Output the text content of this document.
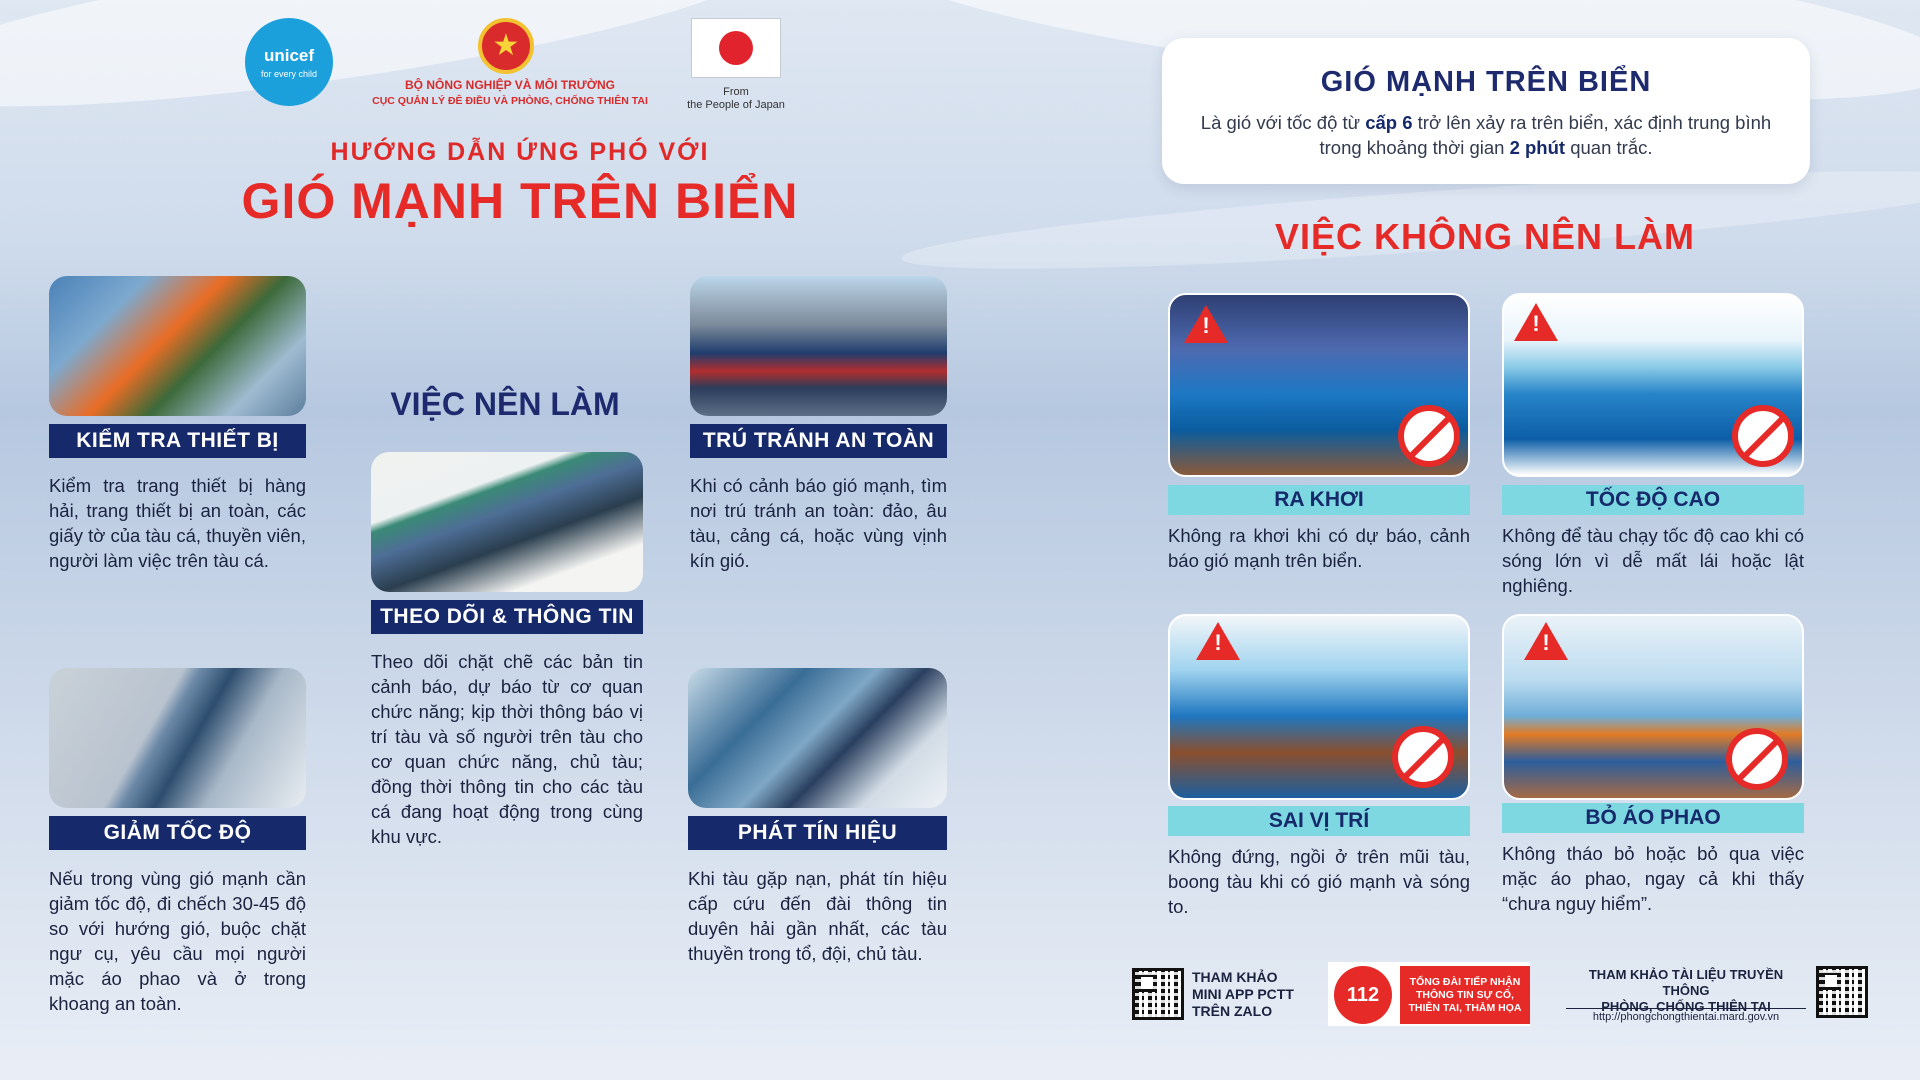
unicef
for every child
★
BỘ NÔNG NGHIỆP VÀ MÔI TRƯỜNG
CỤC QUẢN LÝ ĐÊ ĐIỀU VÀ PHÒNG, CHỐNG THIÊN TAI
From
the People of Japan
HƯỚNG DẪN ỨNG PHÓ VỚI
GIÓ MẠNH TRÊN BIỂN
VIỆC NÊN LÀM
KIỂM TRA THIẾT BỊ
Kiểm tra trang thiết bị hàng hải, trang thiết bị an toàn, các giấy tờ của tàu cá, thuyền viên, người làm việc trên tàu cá.
GIẢM TỐC ĐỘ
Nếu trong vùng gió mạnh cần giảm tốc độ, đi chếch 30-45 độ so với hướng gió, buộc chặt ngư cụ, yêu cầu mọi người mặc áo phao và ở trong khoang an toàn.
THEO DÕI & THÔNG TIN
Theo dõi chặt chẽ các bản tin cảnh báo, dự báo từ cơ quan chức năng; kịp thời thông báo vị trí tàu và số người trên tàu cho cơ quan chức năng, chủ tàu; đồng thời thông tin cho các tàu cá đang hoạt động trong cùng khu vực.
TRÚ TRÁNH AN TOÀN
Khi có cảnh báo gió mạnh, tìm nơi trú tránh an toàn: đảo, âu tàu, cảng cá, hoặc vùng vịnh kín gió.
PHÁT TÍN HIỆU
Khi tàu gặp nạn, phát tín hiệu cấp cứu đến đài thông tin duyên hải gần nhất, các tàu thuyền trong tổ, đội, chủ tàu.
GIÓ MẠNH TRÊN BIỂN
Là gió với tốc độ từ cấp 6 trở lên xảy ra trên biển, xác định trung bình trong khoảng thời gian 2 phút quan trắc.
VIỆC KHÔNG NÊN LÀM
!
RA KHƠI
Không ra khơi khi có dự báo, cảnh báo gió mạnh trên biển.
!
TỐC ĐỘ CAO
Không để tàu chạy tốc độ cao khi có sóng lớn vì dễ mất lái hoặc lật nghiêng.
!
SAI VỊ TRÍ
Không đứng, ngồi ở trên mũi tàu, boong tàu khi có gió mạnh và sóng to.
!
BỎ ÁO PHAO
Không tháo bỏ hoặc bỏ qua việc mặc áo phao, ngay cả khi thấy “chưa nguy hiểm”.
THAM KHẢO
MINI APP PCTT
TRÊN ZALO
112
TỔNG ĐÀI TIẾP NHẬN
THÔNG TIN SỰ CỐ,
THIÊN TAI, THẢM HỌA
THAM KHẢO TÀI LIỆU TRUYỀN THÔNG
PHÒNG, CHỐNG THIÊN TAI
http://phongchongthientai.mard.gov.vn
